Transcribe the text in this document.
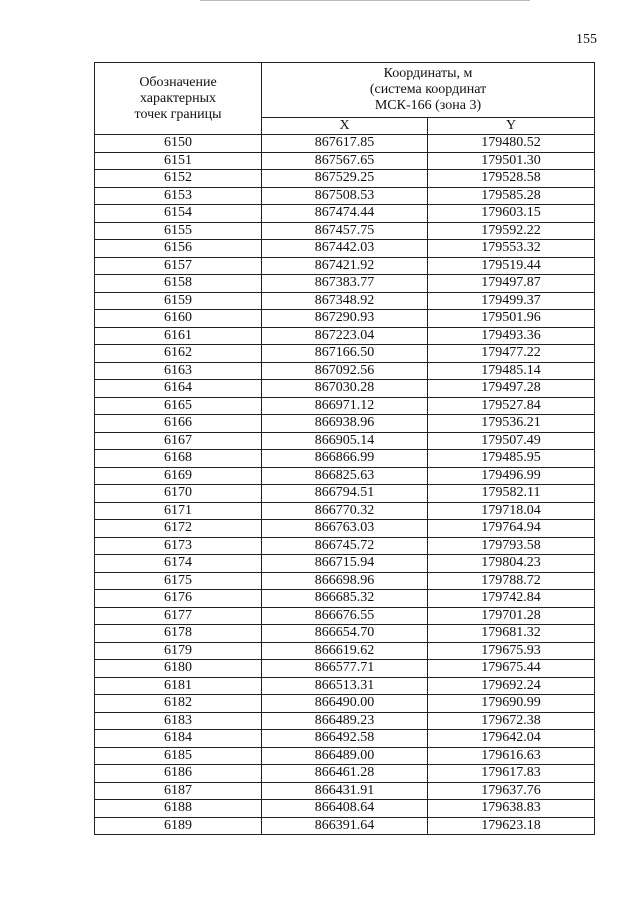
155
Обозначение
характерных
точек границы	Координаты, м
(система координат
МСК-166 (зона 3)	

	X	Y
6150	867617.85	179480.52
6151	867567.65	179501.30
6152	867529.25	179528.58
6153	867508.53	179585.28
6154	867474.44	179603.15
6155	867457.75	179592.22
6156	867442.03	179553.32
6157	867421.92	179519.44
6158	867383.77	179497.87
6159	867348.92	179499.37
6160	867290.93	179501.96
6161	867223.04	179493.36
6162	867166.50	179477.22
6163	867092.56	179485.14
6164	867030.28	179497.28
6165	866971.12	179527.84
6166	866938.96	179536.21
6167	866905.14	179507.49
6168	866866.99	179485.95
6169	866825.63	179496.99
6170	866794.51	179582.11
6171	866770.32	179718.04
6172	866763.03	179764.94
6173	866745.72	179793.58
6174	866715.94	179804.23
6175	866698.96	179788.72
6176	866685.32	179742.84
6177	866676.55	179701.28
6178	866654.70	179681.32
6179	866619.62	179675.93
6180	866577.71	179675.44
6181	866513.31	179692.24
6182	866490.00	179690.99
6183	866489.23	179672.38
6184	866492.58	179642.04
6185	866489.00	179616.63
6186	866461.28	179617.83
6187	866431.91	179637.76
6188	866408.64	179638.83
6189	866391.64	179623.18
